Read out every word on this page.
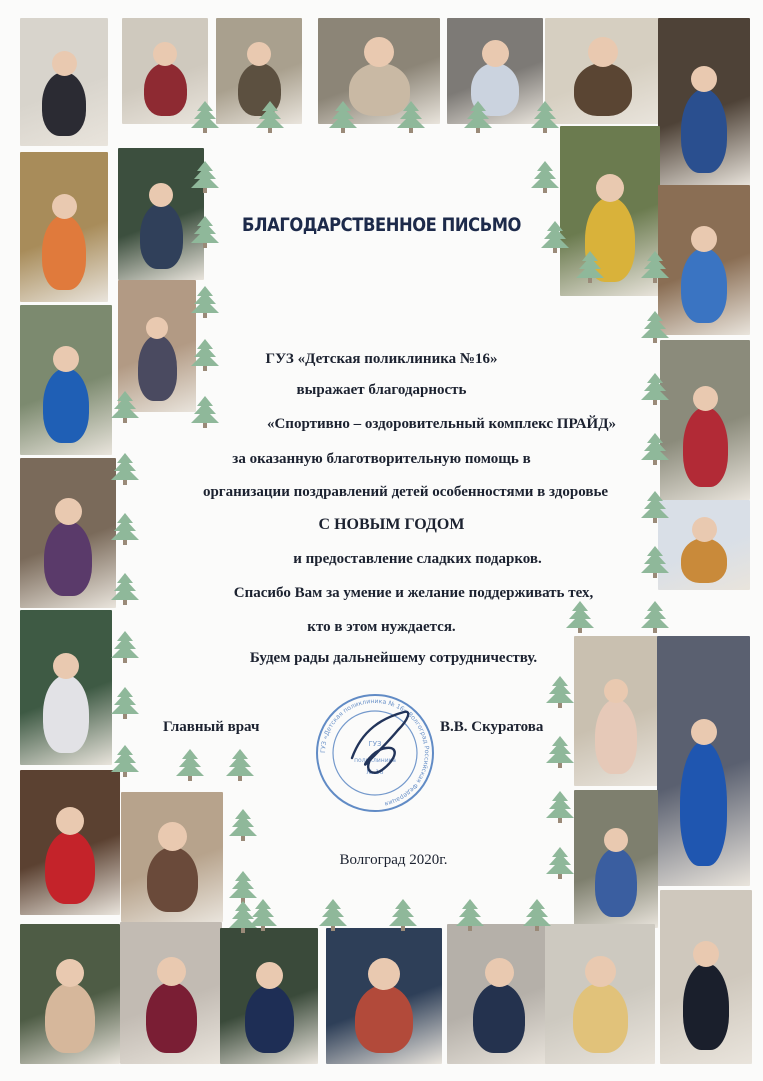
БЛАГОДАРСТВЕННОЕ ПИСЬМО
ГУЗ «Детская поликлиника №16»
выражает благодарность
«Спортивно – оздоровительный комплекс ПРАЙД»
за оказанную благотворительную помощь в
организации поздравлений детей особенностями в здоровье
С НОВЫМ ГОДОМ
и предоставление сладких подарков.
Спасибо Вам за умение и желание поддерживать тех,
кто в этом нуждается.
Будем рады дальнейшему сотрудничеству.
Главный врач	В.В. Скуратова
ГУЗ «Детская поликлиника № 16» Волгоград Российская Федерация
ГУЗ
поликлиника
№ 16
Волгоград 2020г.
